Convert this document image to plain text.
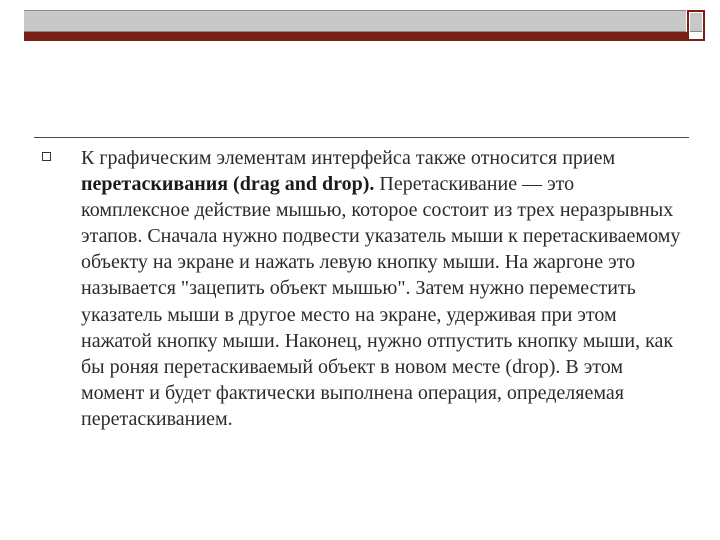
К графическим элементам интерфейса также относится прием перетаскивания (drag and drop). Перетаскивание — это комплексное действие мышью, которое состоит из трех неразрывных этапов. Сначала нужно подвести указатель мыши к перетаскиваемому объекту на экране и нажать левую кнопку мыши. На жаргоне это называется "зацепить объект мышью". Затем нужно переместить указатель мыши в другое место на экране, удерживая при этом нажатой кнопку мыши. Наконец, нужно отпустить кнопку мыши, как бы роняя перетаскиваемый объект в новом месте (drop). В этом момент и будет фактически выполнена операция, определяемая перетаскиванием.
